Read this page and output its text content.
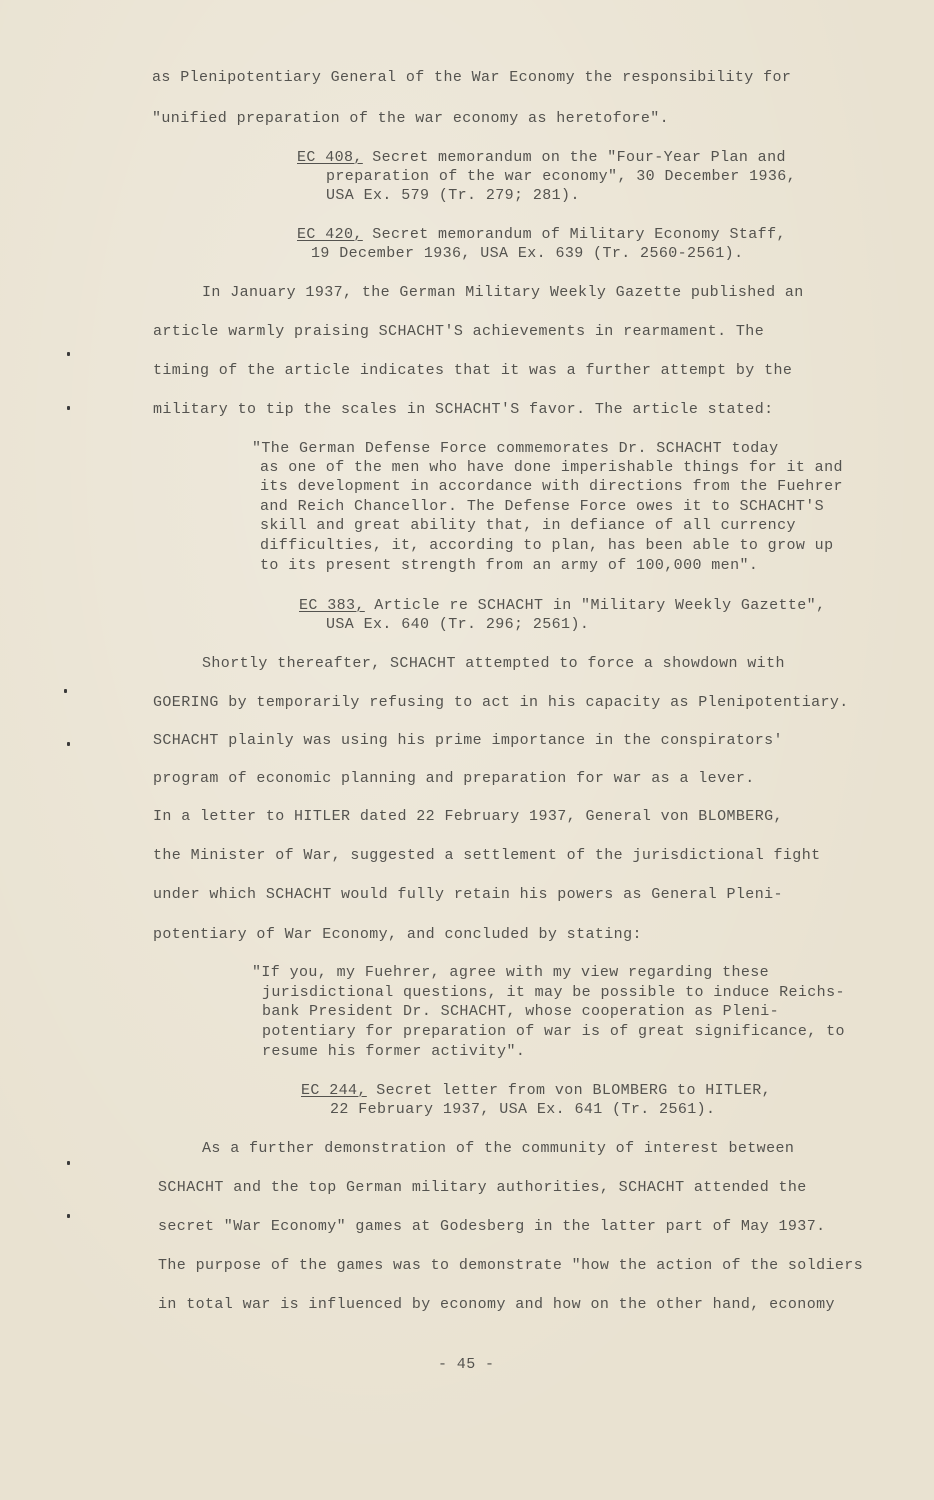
as Plenipotentiary General of the War Economy the responsibility for
"unified preparation of the war economy as heretofore".
EC 408, Secret memorandum on the "Four-Year Plan and
preparation of the war economy", 30 December 1936,
USA Ex. 579 (Tr. 279; 281).
EC 420, Secret memorandum of Military Economy Staff,
19 December 1936, USA Ex. 639 (Tr. 2560-2561).
In January 1937, the German Military Weekly Gazette published an
article warmly praising SCHACHT'S achievements in rearmament. The
timing of the article indicates that it was a further attempt by the
military to tip the scales in SCHACHT'S favor. The article stated:
"The German Defense Force commemorates Dr. SCHACHT today
as one of the men who have done imperishable things for it and
its development in accordance with directions from the Fuehrer
and Reich Chancellor. The Defense Force owes it to SCHACHT'S
skill and great ability that, in defiance of all currency
difficulties, it, according to plan, has been able to grow up
to its present strength from an army of 100,000 men".
EC 383, Article re SCHACHT in "Military Weekly Gazette",
USA Ex. 640 (Tr. 296; 2561).
Shortly thereafter, SCHACHT attempted to force a showdown with
GOERING by temporarily refusing to act in his capacity as Plenipotentiary.
SCHACHT plainly was using his prime importance in the conspirators'
program of economic planning and preparation for war as a lever.
In a letter to HITLER dated 22 February 1937, General von BLOMBERG,
the Minister of War, suggested a settlement of the jurisdictional fight
under which SCHACHT would fully retain his powers as General Pleni-
potentiary of War Economy, and concluded by stating:
"If you, my Fuehrer, agree with my view regarding these
jurisdictional questions, it may be possible to induce Reichs-
bank President Dr. SCHACHT, whose cooperation as Pleni-
potentiary for preparation of war is of great significance, to
resume his former activity".
EC 244, Secret letter from von BLOMBERG to HITLER,
22 February 1937, USA Ex. 641 (Tr. 2561).
As a further demonstration of the community of interest between
SCHACHT and the top German military authorities, SCHACHT attended the
secret "War Economy" games at Godesberg in the latter part of May 1937.
The purpose of the games was to demonstrate "how the action of the soldiers
in total war is influenced by economy and how on the other hand, economy
- 45 -
